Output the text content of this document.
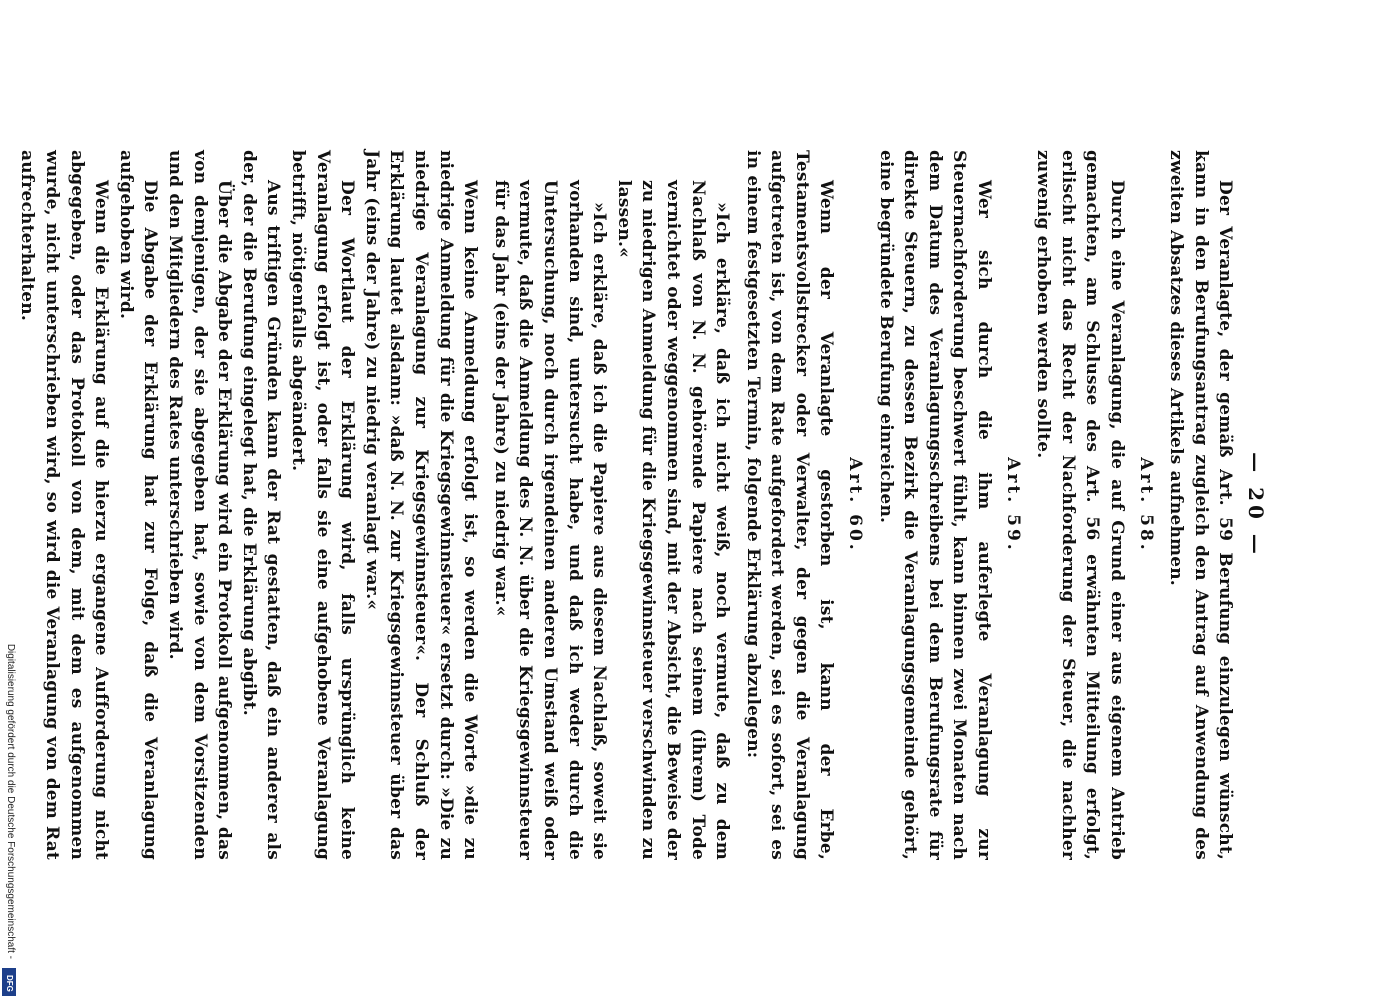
— 20 —

Der Veranlagte, der gemäß Art. 59 Berufung einzulegen wünscht, kann in den Berufungsantrag zugleich den Antrag auf Anwendung des zweiten Absatzes dieses Artikels aufnehmen.

Art. 58.

Durch eine Veranlagung, die auf Grund einer aus eigenem Antrieb gemachten, am Schlusse des Art. 56 erwähnten Mitteilung erfolgt, erlischt nicht das Recht der Nachforderung der Steuer, die nachher zuwenig erhoben werden sollte.

Art. 59.

Wer sich durch die ihm auferlegte Veranlagung zur Steuernachforderung beschwert fühlt, kann binnen zwei Monaten nach dem Datum des Veranlagungsschreibens bei dem Berufungsrate für direkte Steuern, zu dessen Bezirk die Veranlagungsgemeinde gehört, eine begründete Berufung einreichen.

Art. 60.

Wenn der Veranlagte gestorben ist, kann der Erbe, Testamentsvollstrecker oder Verwalter, der gegen die Veranlagung aufgetreten ist, von dem Rate aufgefordert werden, sei es sofort, sei es in einem festgesetzten Termin, folgende Erklärung abzulegen:

»Ich erkläre, daß ich nicht weiß, noch vermute, daß zu dem Nachlaß von N. N. gehörende Papiere nach seinem (ihrem) Tode vernichtet oder weggenommen sind, mit der Absicht, die Beweise der zu niedrigen Anmeldung für die Kriegsgewinnsteuer verschwinden zu lassen.«

»Ich erkläre, daß ich die Papiere aus diesem Nachlaß, soweit sie vorhanden sind, untersucht habe, und daß ich weder durch die Untersuchung, noch durch irgendeinen anderen Umstand weiß oder vermute, daß die Anmeldung des N. N. über die Kriegsgewinnsteuer für das Jahr (eins der Jahre) zu niedrig war.«

Wenn keine Anmeldung erfolgt ist, so werden die Worte »die zu niedrige Anmeldung für die Kriegsgewinnsteuer« ersetzt durch: »Die zu niedrige Veranlagung zur Kriegsgewinnsteuer«. Der Schluß der Erklärung lautet alsdann: »daß N. N. zur Kriegsgewinnsteuer über das Jahr (eins der Jahre) zu niedrig veranlagt war.«

Der Wortlaut der Erklärung wird, falls ursprünglich keine Veranlagung erfolgt ist, oder falls sie eine aufgehobene Veranlagung betrifft, nötigenfalls abgeändert.

Aus triftigen Gründen kann der Rat gestatten, daß ein anderer als der, der die Berufung eingelegt hat, die Erklärung abgibt.

Über die Abgabe der Erklärung wird ein Protokoll aufgenommen, das von demjenigen, der sie abgegeben hat, sowie von dem Vorsitzenden und den Mitgliedern des Rates unterschrieben wird.

Die Abgabe der Erklärung hat zur Folge, daß die Veranlagung aufgehoben wird.

Wenn die Erklärung auf die hierzu ergangene Aufforderung nicht abgegeben, oder das Protokoll von dem, mit dem es aufgenommen wurde, nicht unterschrieben wird, so wird die Veranlagung von dem Rat aufrechterhalten.

Digitalisierung gefördert durch die Deutsche Forschungsgemeinschaft -
DFG
